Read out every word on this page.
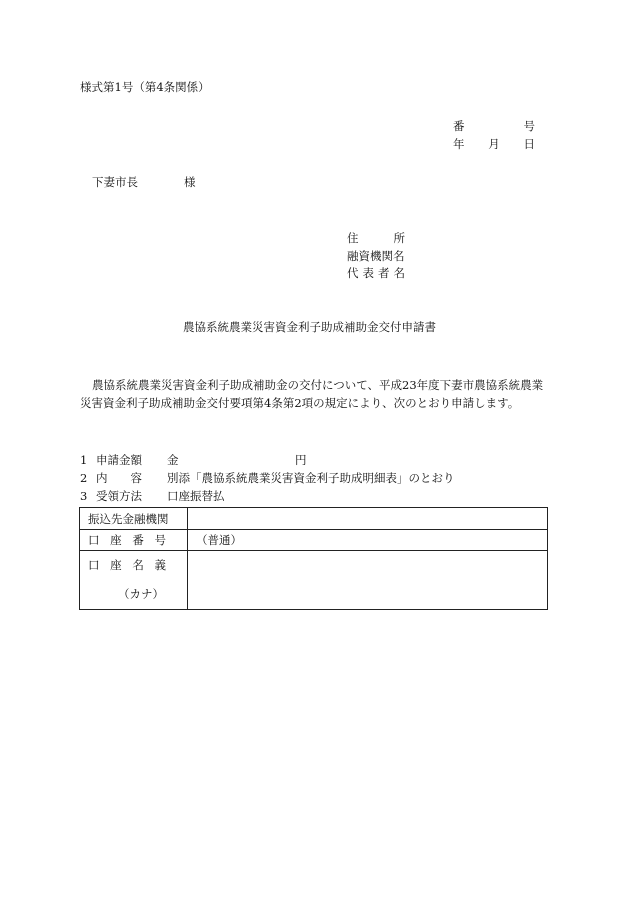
様式第1号（第4条関係）
番	号
年 月 日
下妻市長	様
住	所
融資機関名
代 表 者 名
農協系統農業災害資金利子助成補助金交付申請書
農協系統農業災害資金利子助成補助金の交付について、平成23年度下妻市農協系統農業
災害資金利子助成補助金交付要項第4条第2項の規定により、次のとおり申請します。
1 申請金額 金	円
2 内 容 別添「農協系統農業災害資金利子助成明細表」のとおり
3 受領方法 口座振替払
振込先金融機関	

口 座 番 号	（普通）

口 座 名 義
（カナ）	
